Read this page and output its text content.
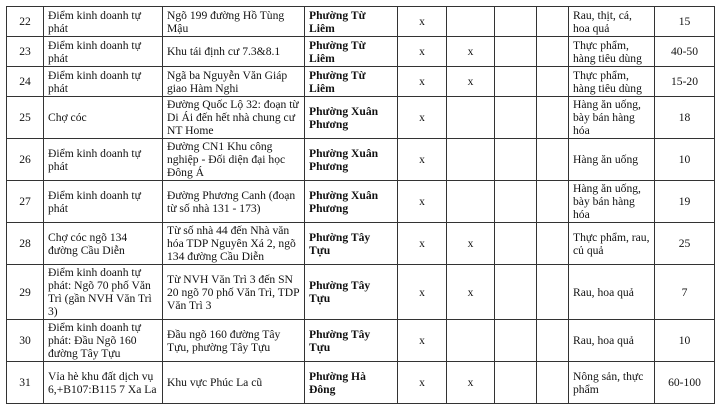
22	Điểm kinh doanh tự phát	Ngõ 199 đường Hồ Tùng Mậu	Phường Từ Liêm	x				Rau, thịt, cá, hoa quả	15
23	Điểm kinh doanh tự phát	Khu tái định cư 7.3&8.1	Phường Từ Liêm	x	x			Thực phẩm, hàng tiêu dùng	40-50
24	Điểm kinh doanh tự phát	Ngã ba Nguyễn Văn Giáp giao Hàm Nghi	Phường Từ Liêm	x	x			Thực phẩm, hàng tiêu dùng	15-20
25	Chợ cóc	Đường Quốc Lộ 32: đoạn từ Di Ái đến hết nhà chung cư NT Home	Phường Xuân Phương	x				Hàng ăn uống, bày bán hàng hóa	18
26	Điểm kinh doanh tự phát	Đường CN1 Khu công nghiệp - Đối diện đại học Đông Á	Phường Xuân Phương	x				Hàng ăn uống	10
27	Điểm kinh doanh tự phát	Đường Phương Canh (đoạn từ số nhà 131 - 173)	Phường Xuân Phương	x				Hàng ăn uống, bày bán hàng hóa	19
28	Chợ cóc ngõ 134 đường Cầu Diễn	Từ số nhà 44 đến Nhà văn hóa TDP Nguyên Xá 2, ngõ 134 đường Cầu Diễn	Phường Tây Tựu	x	x			Thực phẩm, rau, củ quả	25
29	Điểm kinh doanh tự phát: Ngõ 70 phố Văn Trì (gần NVH Văn Trì 3)	Từ NVH Văn Trì 3 đến SN 20 ngõ 70 phố Văn Trì, TDP Văn Trì 3	Phường Tây Tựu	x	x			Rau, hoa quả	7
30	Điểm kinh doanh tự phát: Đầu Ngõ 160 đường Tây Tựu	Đầu ngõ 160 đường Tây Tựu, phường Tây Tựu	Phường Tây Tựu	x				Rau, hoa quả	10
31	Vỉa hè khu đất dịch vụ 6,+B107:B115 7 Xa La	Khu vực Phúc La cũ	Phường Hà Đông	x	x			Nông sản, thực phẩm	60-100
